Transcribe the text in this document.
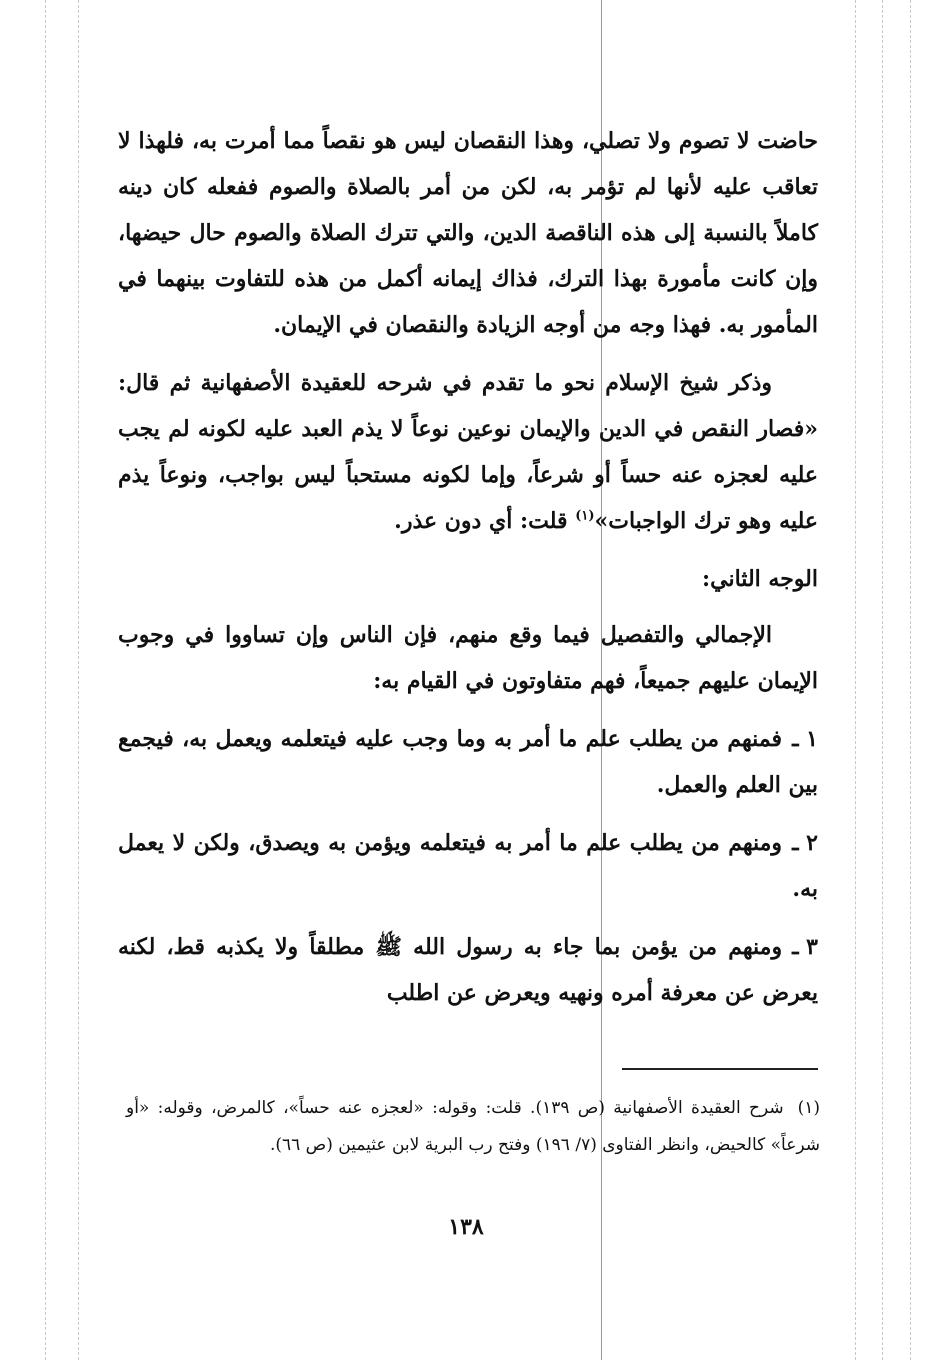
حاضت لا تصوم ولا تصلي، وهذا النقصان ليس هو نقصاً مما أمرت به، فلهذا لا تعاقب عليه لأنها لم تؤمر به، لكن من أمر بالصلاة والصوم ففعله كان دينه كاملاً بالنسبة إلى هذه الناقصة الدين، والتي تترك الصلاة والصوم حال حيضها، وإن كانت مأمورة بهذا الترك، فذاك إيمانه أكمل من هذه للتفاوت بينهما في المأمور به. فهذا وجه من أوجه الزيادة والنقصان في الإيمان.

وذكر شيخ الإسلام نحو ما تقدم في شرحه للعقيدة الأصفهانية ثم قال: «فصار النقص في الدين والإيمان نوعين نوعاً لا يذم العبد عليه لكونه لم يجب عليه لعجزه عنه حساً أو شرعاً، وإما لكونه مستحباً ليس بواجب، ونوعاً يذم عليه وهو ترك الواجبات»$^{(١)}$ قلت: أي دون عذر.

الوجه الثاني:

الإجمالي والتفصيل فيما وقع منهم، فإن الناس وإن تساووا في وجوب الإيمان عليهم جميعاً، فهم متفاوتون في القيام به:

١ ـفمنهم من يطلب علم ما أمر به وما وجب عليه فيتعلمه ويعمل به، فيجمع بين العلم والعمل.

٢ ـومنهم من يطلب علم ما أمر به فيتعلمه ويؤمن به ويصدق، ولكن لا يعمل به.

٣ ـومنهم من يؤمن بما جاء به رسول الله ﷺ مطلقاً ولا يكذبه قط، لكنه يعرض عن معرفة أمره ونهيه ويعرض عن اطلب

(١)شرح العقيدة الأصفهانية (ص ١٣٩). قلت: وقوله: «لعجزه عنه حساً»، كالمرض، وقوله: «أو شرعاً» كالحيض، وانظر الفتاوى (٧/ ١٩٦) وفتح رب البرية لابن عثيمين (ص ٦٦).
١٣٨
